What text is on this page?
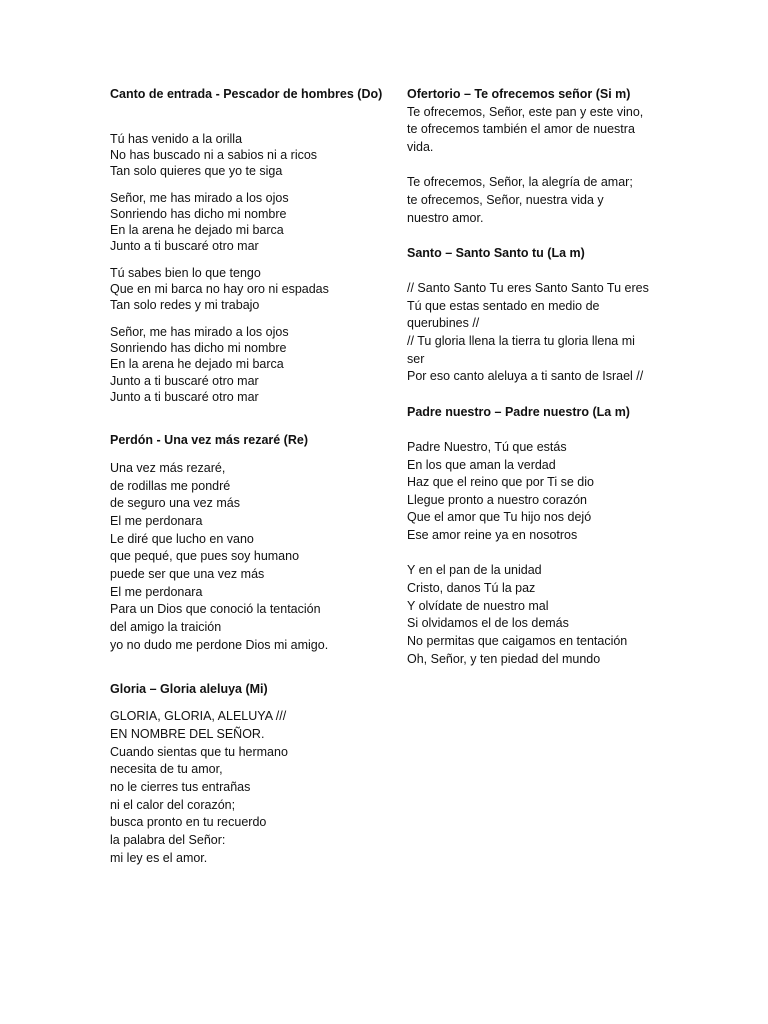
Canto de entrada - Pescador de hombres (Do)
Tú has venido a la orilla
No has buscado ni a sabios ni a ricos
Tan solo quieres que yo te siga
Señor, me has mirado a los ojos
Sonriendo has dicho mi nombre
En la arena he dejado mi barca
Junto a ti buscaré otro mar
Tú sabes bien lo que tengo
Que en mi barca no hay oro ni espadas
Tan solo redes y mi trabajo
Señor, me has mirado a los ojos
Sonriendo has dicho mi nombre
En la arena he dejado mi barca
Junto a ti buscaré otro mar
Junto a ti buscaré otro mar
Perdón - Una vez más rezaré (Re)
Una vez más rezaré,
de rodillas me pondré
de seguro una vez más
El me perdonara
Le diré que lucho en vano
que pequé, que pues soy humano
puede ser que una vez más
El me perdonara
Para un Dios que conoció la tentación
del amigo la traición
yo no dudo me perdone Dios mi amigo.
Gloria – Gloria aleluya (Mi)
GLORIA, GLORIA, ALELUYA ///
EN NOMBRE DEL SEÑOR.
Cuando sientas que tu hermano
necesita de tu amor,
no le cierres tus entrañas
ni el calor del corazón;
busca pronto en tu recuerdo
la palabra del Señor:
mi ley es el amor.
Ofertorio – Te ofrecemos señor (Si m)
Te ofrecemos, Señor, este pan y este vino,
te ofrecemos también el amor de nuestra
vida.
Te ofrecemos, Señor, la alegría de amar;
te ofrecemos, Señor, nuestra vida y
nuestro amor.
Santo – Santo Santo tu (La m)
// Santo Santo Tu eres Santo Santo Tu eres
Tú que estas sentado en medio de
querubines //
// Tu gloria llena la tierra tu gloria llena mi
ser
Por eso canto aleluya a ti santo de Israel //
Padre nuestro – Padre nuestro (La m)
Padre Nuestro, Tú que estás
En los que aman la verdad
Haz que el reino que por Ti se dio
Llegue pronto a nuestro corazón
Que el amor que Tu hijo nos dejó
Ese amor reine ya en nosotros
Y en el pan de la unidad
Cristo, danos Tú la paz
Y olvídate de nuestro mal
Si olvidamos el de los demás
No permitas que caigamos en tentación
Oh, Señor, y ten piedad del mundo
